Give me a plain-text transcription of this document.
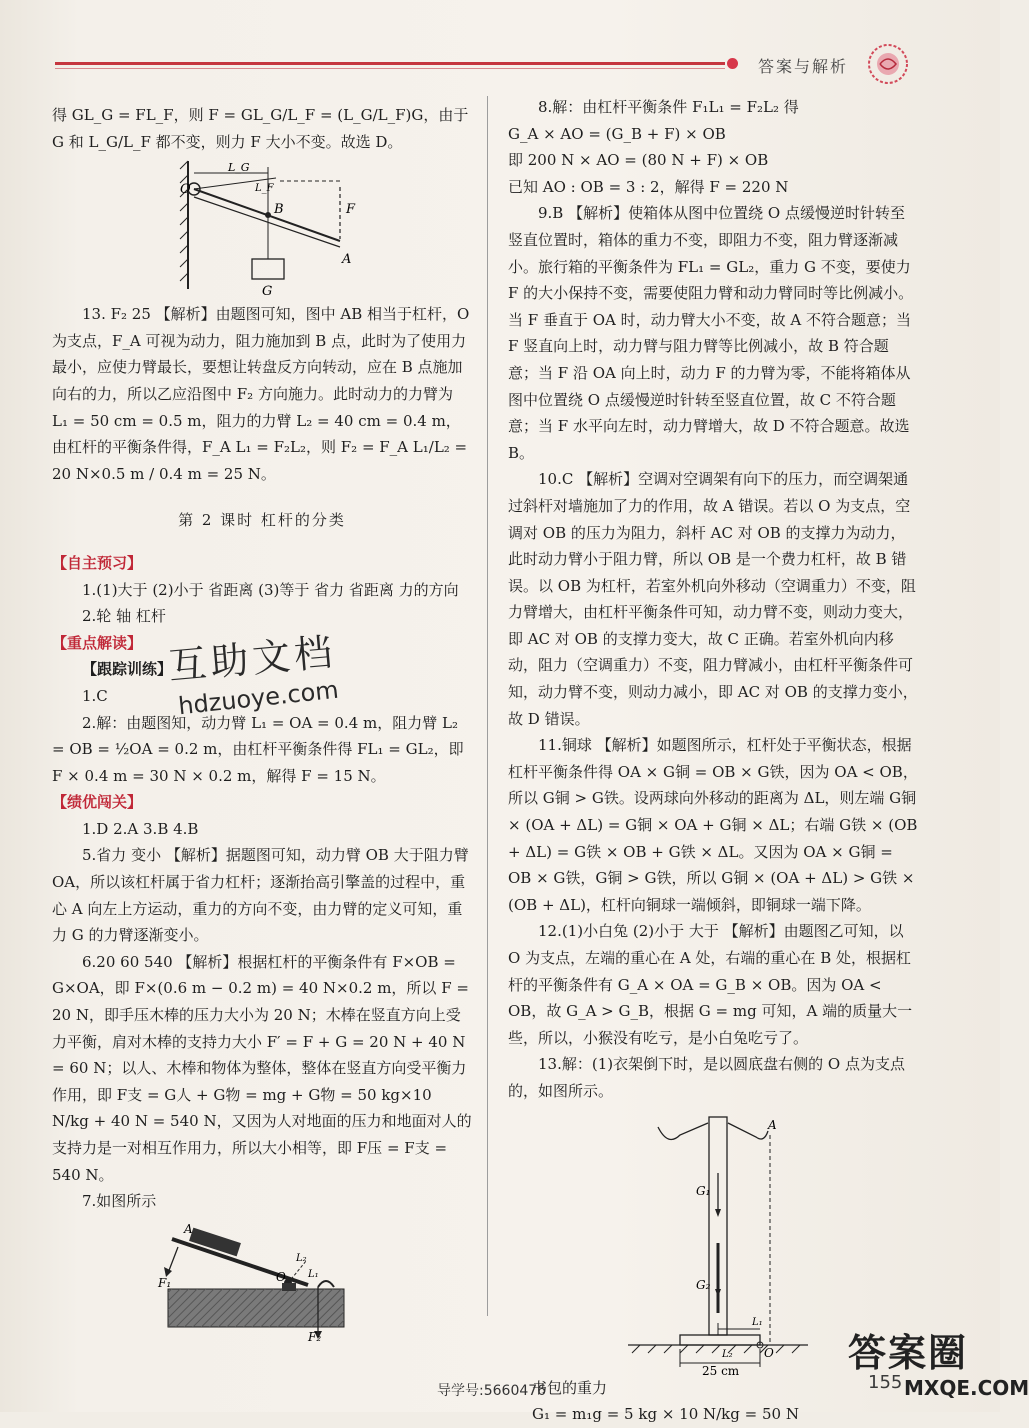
答案与解析

得 GL_G = FL_F，则 F = GL_G/L_F = (L_G/L_F)G，由于 G 和 L_G/L_F 都不变，则力 F 大小不变。故选 D。

O
L_G
L_F
B	F
A
G

13. F₂ 25 【解析】由题图可知，图中 AB 相当于杠杆，O 为支点，F_A 可视为动力，阻力施加到 B 点，此时为了使用力最小，应使力臂最长，要想让转盘反方向转动，应在 B 点施加向右的力，所以乙应沿图中 F₂ 方向施力。此时动力的力臂为 L₁ = 50 cm = 0.5 m，阻力的力臂 L₂ = 40 cm = 0.4 m，由杠杆的平衡条件得，F_A L₁ = F₂L₂，则 F₂ = F_A L₁/L₂ = 20 N×0.5 m / 0.4 m = 25 N。

第 2 课时 杠杆的分类
【自主预习】

1.(1)大于 (2)小于 省距离 (3)等于 省力 省距离 力的方向

2.轮 轴 杠杆

【重点解读】

【跟踪训练】

1.C

2.解：由题图知，动力臂 L₁ = OA = 0.4 m，阻力臂 L₂ = OB = ½OA = 0.2 m，由杠杆平衡条件得 FL₁ = GL₂，即 F × 0.4 m = 30 N × 0.2 m，解得 F = 15 N。

【绩优闯关】

1.D 2.A 3.B 4.B

5.省力 变小 【解析】据题图可知，动力臂 OB 大于阻力臂 OA，所以该杠杆属于省力杠杆；逐渐抬高引擎盖的过程中，重心 A 向左上方运动，重力的方向不变，由力臂的定义可知，重力 G 的力臂逐渐变小。

6.20 60 540 【解析】根据杠杆的平衡条件有 F×OB = G×OA，即 F×(0.6 m − 0.2 m) = 40 N×0.2 m，所以 F = 20 N，即手压木棒的压力大小为 20 N；木棒在竖直方向上受力平衡，肩对木棒的支持力大小 F′ = F + G = 20 N + 40 N = 60 N；以人、木棒和物体为整体，整体在竖直方向受平衡力作用，即 F支 = G人 + G物 = mg + G物 = 50 kg×10 N/kg + 40 N = 540 N，又因为人对地面的压力和地面对人的支持力是一对相互作用力，所以大小相等，即 F压 = F支 = 540 N。

7.如图所示

A
F₁	O
L₂
L₁
F₂
互助文档
hdzuoye.com

8.解：由杠杆平衡条件 F₁L₁ = F₂L₂ 得
G_A × AO = (G_B + F) × OB
即 200 N × AO = (80 N + F) × OB
已知 AO : OB = 3 : 2，解得 F = 220 N

9.B 【解析】使箱体从图中位置绕 O 点缓慢逆时针转至竖直位置时，箱体的重力不变，即阻力不变，阻力臂逐渐减小。旅行箱的平衡条件为 FL₁ = GL₂，重力 G 不变，要使力 F 的大小保持不变，需要使阻力臂和动力臂同时等比例减小。当 F 垂直于 OA 时，动力臂大小不变，故 A 不符合题意；当 F 竖直向上时，动力臂与阻力臂等比例减小，故 B 符合题意；当 F 沿 OA 向上时，动力 F 的力臂为零，不能将箱体从图中位置绕 O 点缓慢逆时针转至竖直位置，故 C 不符合题意；当 F 水平向左时，动力臂增大，故 D 不符合题意。故选 B。

10.C 【解析】空调对空调架有向下的压力，而空调架通过斜杆对墙施加了力的作用，故 A 错误。若以 O 为支点，空调对 OB 的压力为阻力，斜杆 AC 对 OB 的支撑力为动力，此时动力臂小于阻力臂，所以 OB 是一个费力杠杆，故 B 错误。以 OB 为杠杆，若室外机向外移动（空调重力）不变，阻力臂增大，由杠杆平衡条件可知，动力臂不变，则动力变大，即 AC 对 OB 的支撑力变大，故 C 正确。若室外机向内移动，阻力（空调重力）不变，阻力臂减小，由杠杆平衡条件可知，动力臂不变，则动力减小，即 AC 对 OB 的支撑力变小，故 D 错误。

11.铜球 【解析】如题图所示，杠杆处于平衡状态，根据杠杆平衡条件得 OA × G铜 = OB × G铁，因为 OA < OB，所以 G铜 > G铁。设两球向外移动的距离为 ΔL，则左端 G铜 × (OA + ΔL) = G铜 × OA + G铜 × ΔL；右端 G铁 × (OB + ΔL) = G铁 × OB + G铁 × ΔL。又因为 OA × G铜 = OB × G铁，G铜 > G铁，所以 G铜 × (OA + ΔL) > G铁 × (OB + ΔL)，杠杆向铜球一端倾斜，即铜球一端下降。

12.(1)小白兔 (2)小于 大于 【解析】由题图乙可知，以 O 为支点，左端的重心在 A 处，右端的重心在 B 处，根据杠杆的平衡条件有 G_A × OA = G_B × OB。因为 OA < OB，故 G_A > G_B，根据 G = mg 可知，A 端的质量大一些，所以，小猴没有吃亏，是小白兔吃亏了。

13.解：(1)衣架倒下时，是以圆底盘右侧的 O 点为支点的，如图所示。

A
G₁
G₂
L₁
L₂	O
25 cm

书包的重力

G₁ = m₁g = 5 kg × 10 N/kg = 50 N

导学号:5660476	155
答案圈
MXQE.COM
